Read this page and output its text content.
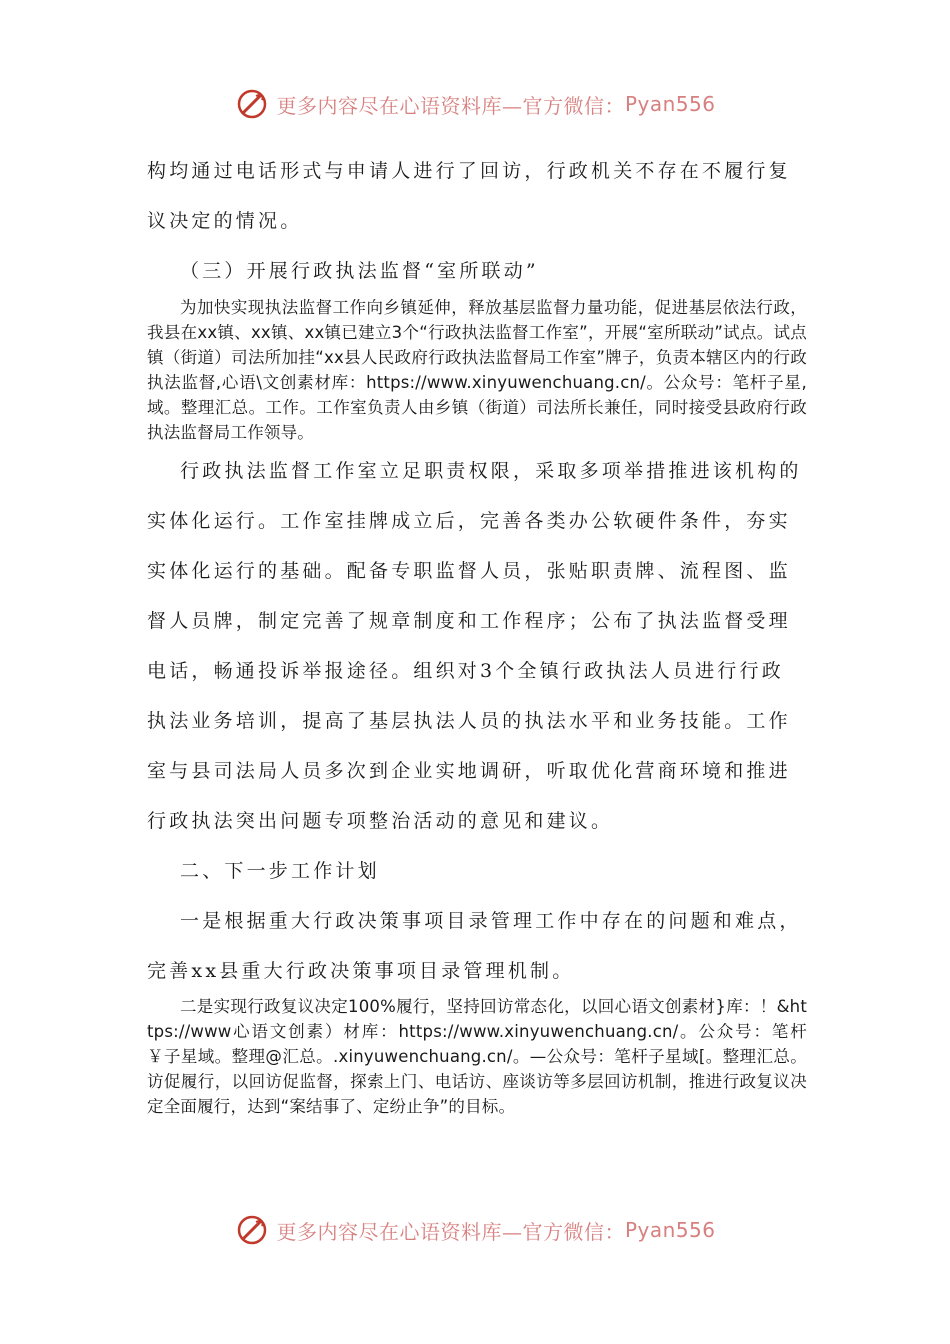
更多内容尽在心语资料库—官方微信： Pyan556
构均通过电话形式与申请人进行了回访，行政机关不存在不履行复
议决定的情况。
（三）开展行政执法监督“室所联动”
为加快实现执法监督工作向乡镇延伸，释放基层监督力量功能，促进基层依法行政，我县在xx镇、xx镇、xx镇已建立3个“行政执法监督工作室”，开展“室所联动”试点。试点镇（街道）司法所加挂“xx县人民政府行政执法监督局工作室”牌子，负责本辖区内的行政执法监督,心语\文创素材库：https://www.xinyuwenchuang.cn/。公众号：笔杆子星,域。整理汇总。工作。工作室负责人由乡镇（街道）司法所长兼任，同时接受县政府行政执法监督局工作领导。
行政执法监督工作室立足职责权限，采取多项举措推进该机构的
实体化运行。工作室挂牌成立后，完善各类办公软硬件条件，夯实
实体化运行的基础。配备专职监督人员，张贴职责牌、流程图、监
督人员牌，制定完善了规章制度和工作程序；公布了执法监督受理
电话，畅通投诉举报途径。组织对3个全镇行政执法人员进行行政
执法业务培训，提高了基层执法人员的执法水平和业务技能。工作
室与县司法局人员多次到企业实地调研，听取优化营商环境和推进
行政执法突出问题专项整治活动的意见和建议。
二、下一步工作计划
一是根据重大行政决策事项目录管理工作中存在的问题和难点，
完善xx县重大行政决策事项目录管理机制。
二是实现行政复议决定100%履行，坚持回访常态化，以回心语文创素材}库：！&https://www心语文创素）材库：https://www.xinyuwenchuang.cn/。公众号：笔杆￥子星域。整理@汇总。.xinyuwenchuang.cn/。—公众号：笔杆子星域[。整理汇总。访促履行，以回访促监督，探索上门、电话访、座谈访等多层回访机制，推进行政复议决定全面履行，达到“案结事了、定纷止争”的目标。
更多内容尽在心语资料库—官方微信： Pyan556
